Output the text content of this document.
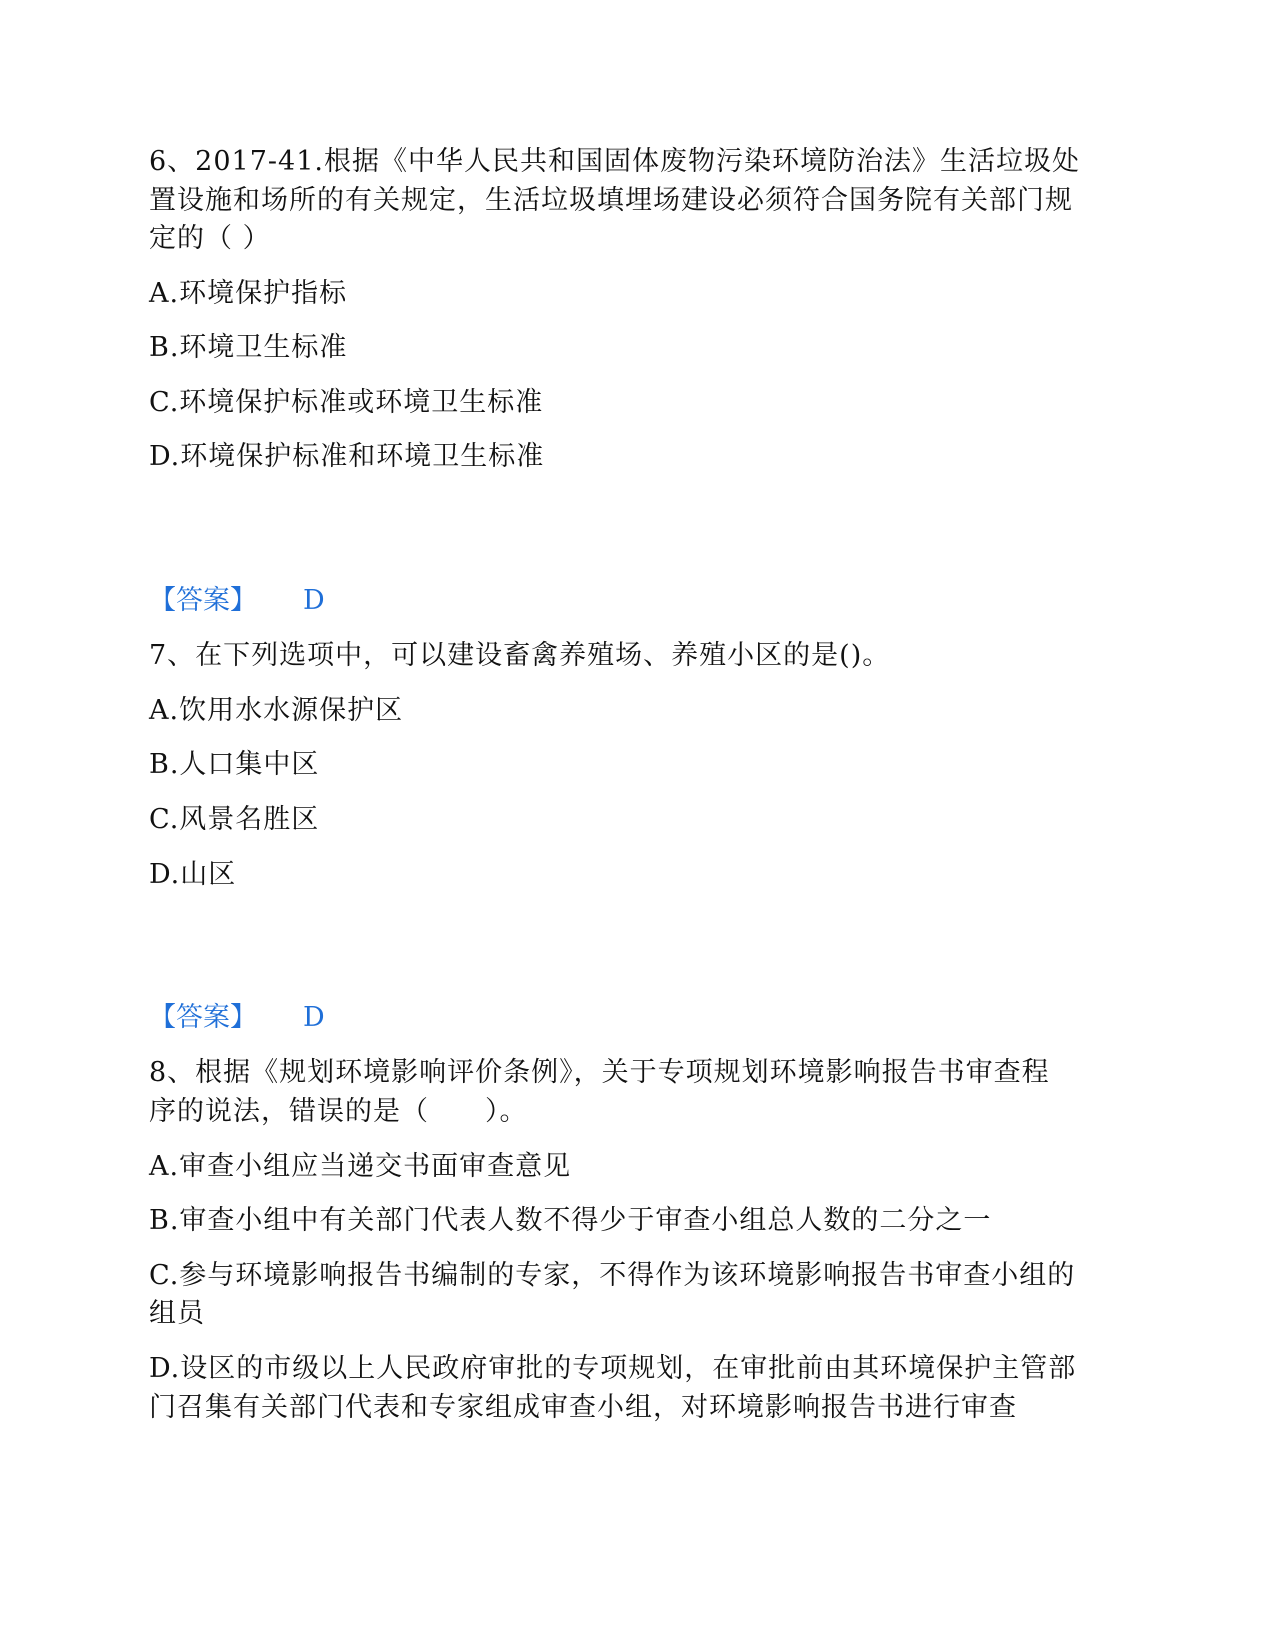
6、2017-41.根据《中华人民共和国固体废物污染环境防治法》生活垃圾处
置设施和场所的有关规定，生活垃圾填埋场建设必须符合国务院有关部门规
定的（ ）
A.环境保护指标
B.环境卫生标准
C.环境保护标准或环境卫生标准
D.环境保护标准和环境卫生标准
【答案】 D
7、在下列选项中，可以建设畜禽养殖场、养殖小区的是()。
A.饮用水水源保护区
B.人口集中区
C.风景名胜区
D.山区
【答案】 D
8、根据《规划环境影响评价条例》，关于专项规划环境影响报告书审查程
序的说法，错误的是（　　）。
A.审查小组应当递交书面审查意见
B.审查小组中有关部门代表人数不得少于审查小组总人数的二分之一
C.参与环境影响报告书编制的专家，不得作为该环境影响报告书审查小组的
组员
D.设区的市级以上人民政府审批的专项规划，在审批前由其环境保护主管部
门召集有关部门代表和专家组成审查小组，对环境影响报告书进行审查
